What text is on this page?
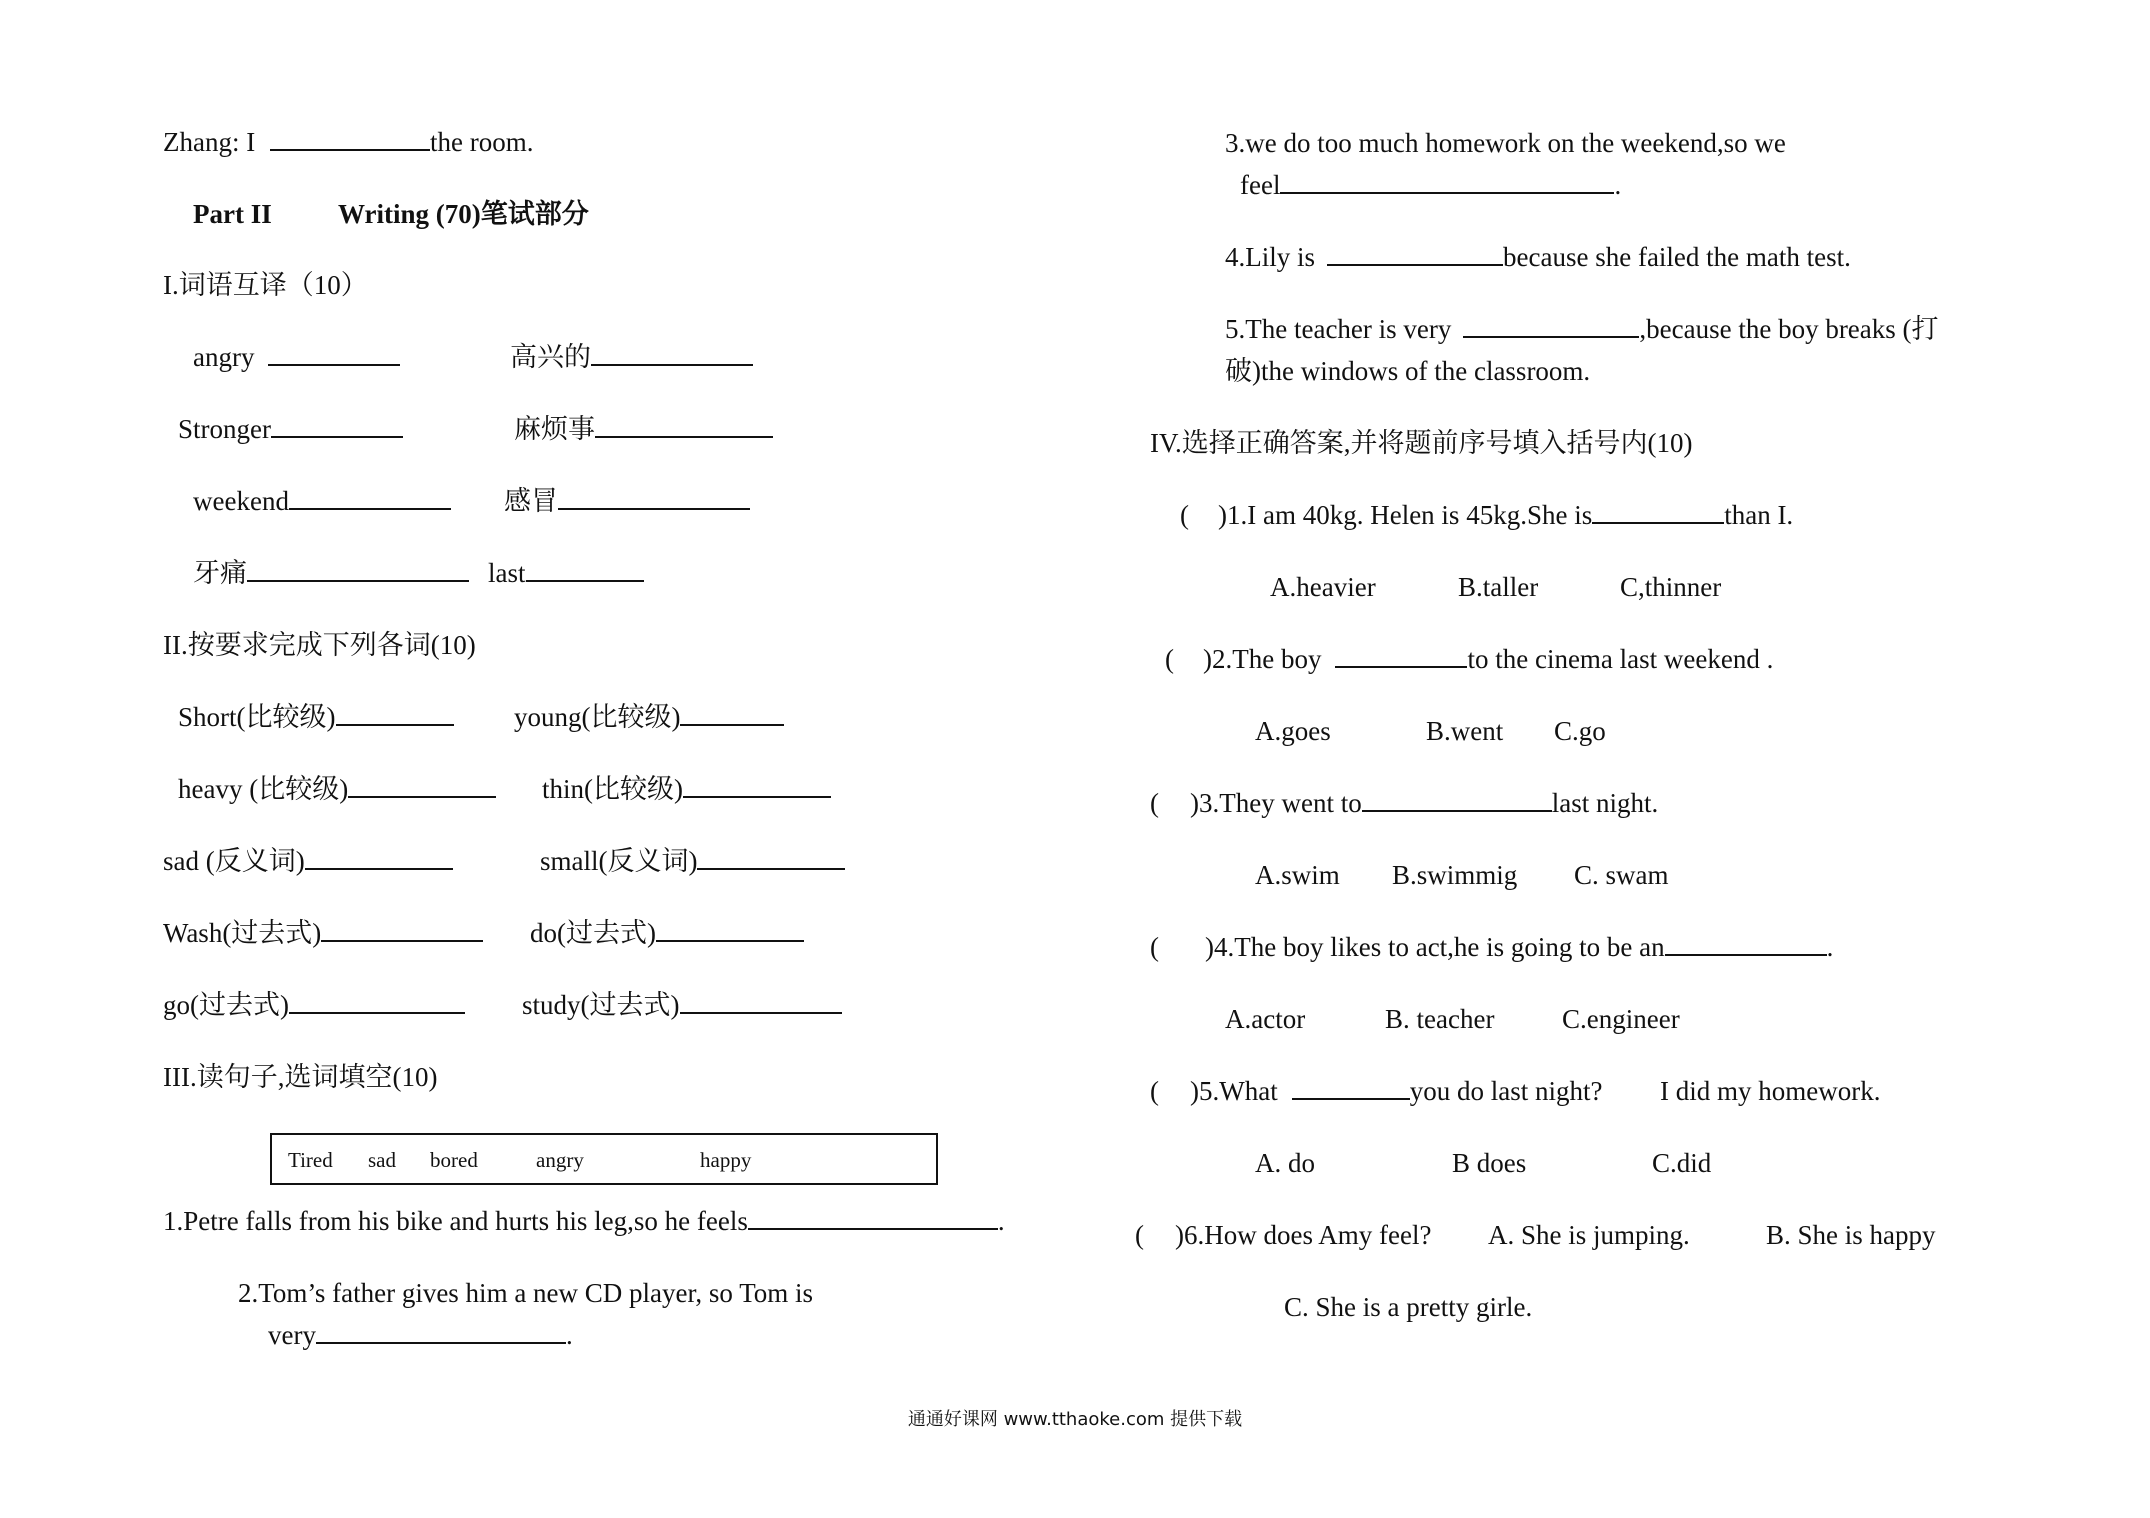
Zhang: I	the room.
Part II Writing (70)笔试部分
I.词语互译（10）
angry	高兴的
Stronger	麻烦事
weekend	感冒
牙痛	last
II.按要求完成下列各词(10)
Short(比较级)	young(比较级)
heavy (比较级)	thin(比较级)
sad (反义词)	small(反义词)
Wash(过去式)	do(过去式)
go(过去式)	study(过去式)
III.读句子,选词填空(10)
Tired sad bored	angry	happy
1.Petre falls from his bike and hurts his leg,so he feels	.
2.Tom’s father gives him a new CD player, so Tom is
very	.
3.we do too much homework on the weekend,so we
feel	.
4.Lily is	because she failed the math test.
5.The teacher is very	,because the boy breaks (打
破)the windows of the classroom.
IV.选择正确答案,并将题前序号填入括号内(10)
( )1.I am 40kg. Helen is 45kg.She is	than I.
A.heavier	B.taller	C,thinner
( )2.The boy	to the cinema last weekend .
A.goes	B.went C.go
( )3.They went to	last night.
A.swim B.swimmig C. swam
( )4.The boy likes to act,he is going to be an	.
A.actor	B. teacher	C.engineer
( )5.What	you do last night? I did my homework.
A. do	B does	C.did
( )6.How does Amy feel? A. She is jumping.	B. She is happy
C. She is a pretty girle.
通通好课网 www.tthaoke.com 提供下载
